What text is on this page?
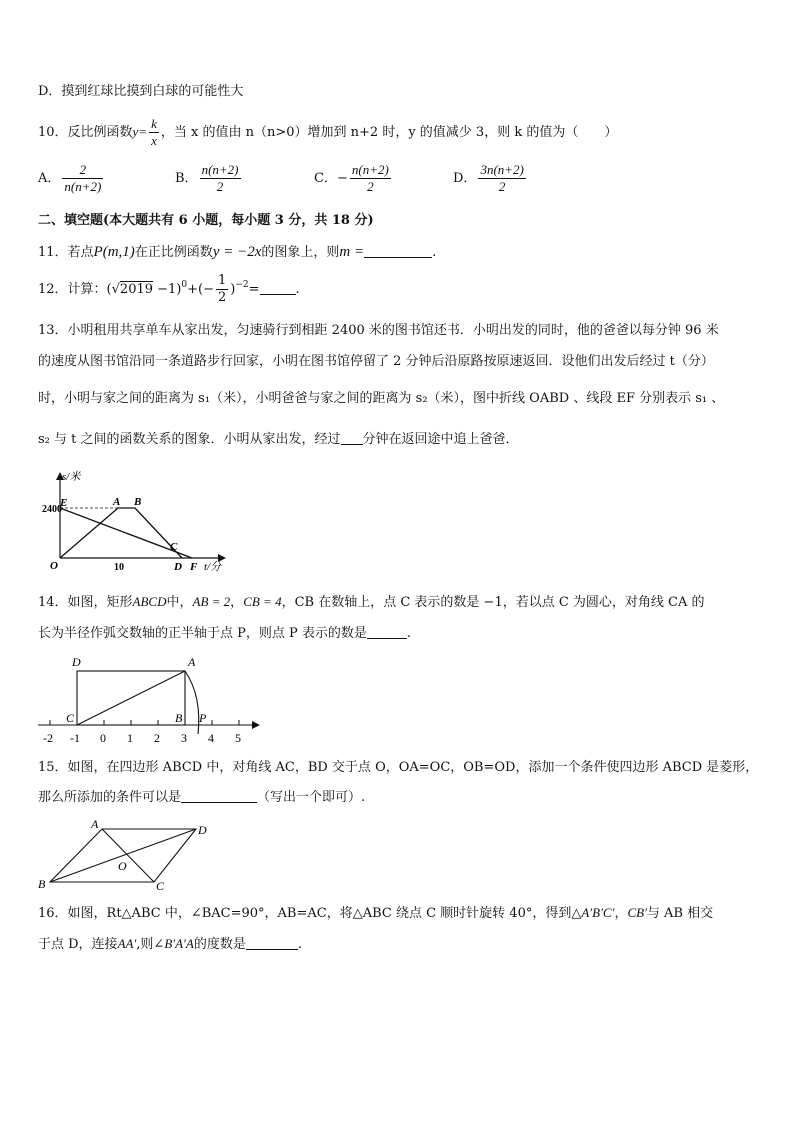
D．摸到红球比摸到白球的可能性大
10．反比例函数$y= \frac{k}{x}$ ，当 x 的值由 n（n>0）增加到 n+2 时，y 的值减少 3，则 k 的值为（　　）
A． $\frac{2}{n(n+2)}$	B． $\frac{n(n+2)}{2}$	C．− $\frac{n(n+2)}{2}$	D． $\frac{3n(n+2)}{2}$
二、填空题(本大题共有 6 小题，每小题 3 分，共 18 分)
11．若点P(m,1)在正比例函数y = −2x的图象上，则m =	.
12．计算：$(√2019 -1)^0+(- \frac{1}{2} )^{-2}=$	.
13．小明租用共享单车从家出发，匀速骑行到相距 2400 米的图书馆还书．小明出发的同时，他的爸爸以每分钟 96 米
的速度从图书馆沿同一条道路步行回家，小明在图书馆停留了 2 分钟后沿原路按原速返回．设他们出发后经过 t（分）
时，小明与家之间的距离为 s₁（米），小明爸爸与家之间的距离为 s₂（米），图中折线 OABD 、线段 EF 分别表示 s₁ 、
s₂ 与 t 之间的函数关系的图象．小明从家出发，经过 分钟在返回途中追上爸爸．
s/米
t/分
2400
10
E	A B
C
O	D F
14．如图，矩形ABCD中，AB = 2，CB = 4，CB 在数轴上，点 C 表示的数是 −1，若以点 C 为圆心，对角线 CA 的
长为半径作弧交数轴的正半轴于点 P，则点 P 表示的数是	.
D	A
C	B P
-2 -1 0 1 2 3 4 5
15．如图，在四边形 ABCD 中，对角线 AC，BD 交于点 O，OA=OC，OB=OD，添加一个条件使四边形 ABCD 是菱形，
那么所添加的条件可以是	（写出一个即可）.
A	D
O
B	C
16．如图，Rt△ABC 中，∠BAC=90°，AB=AC，将△ABC 绕点 C 顺时针旋转 40°，得到△A′B′C′，CB′与 AB 相交
于点 D，连接AA′,则∠B′A′A的度数是	.
